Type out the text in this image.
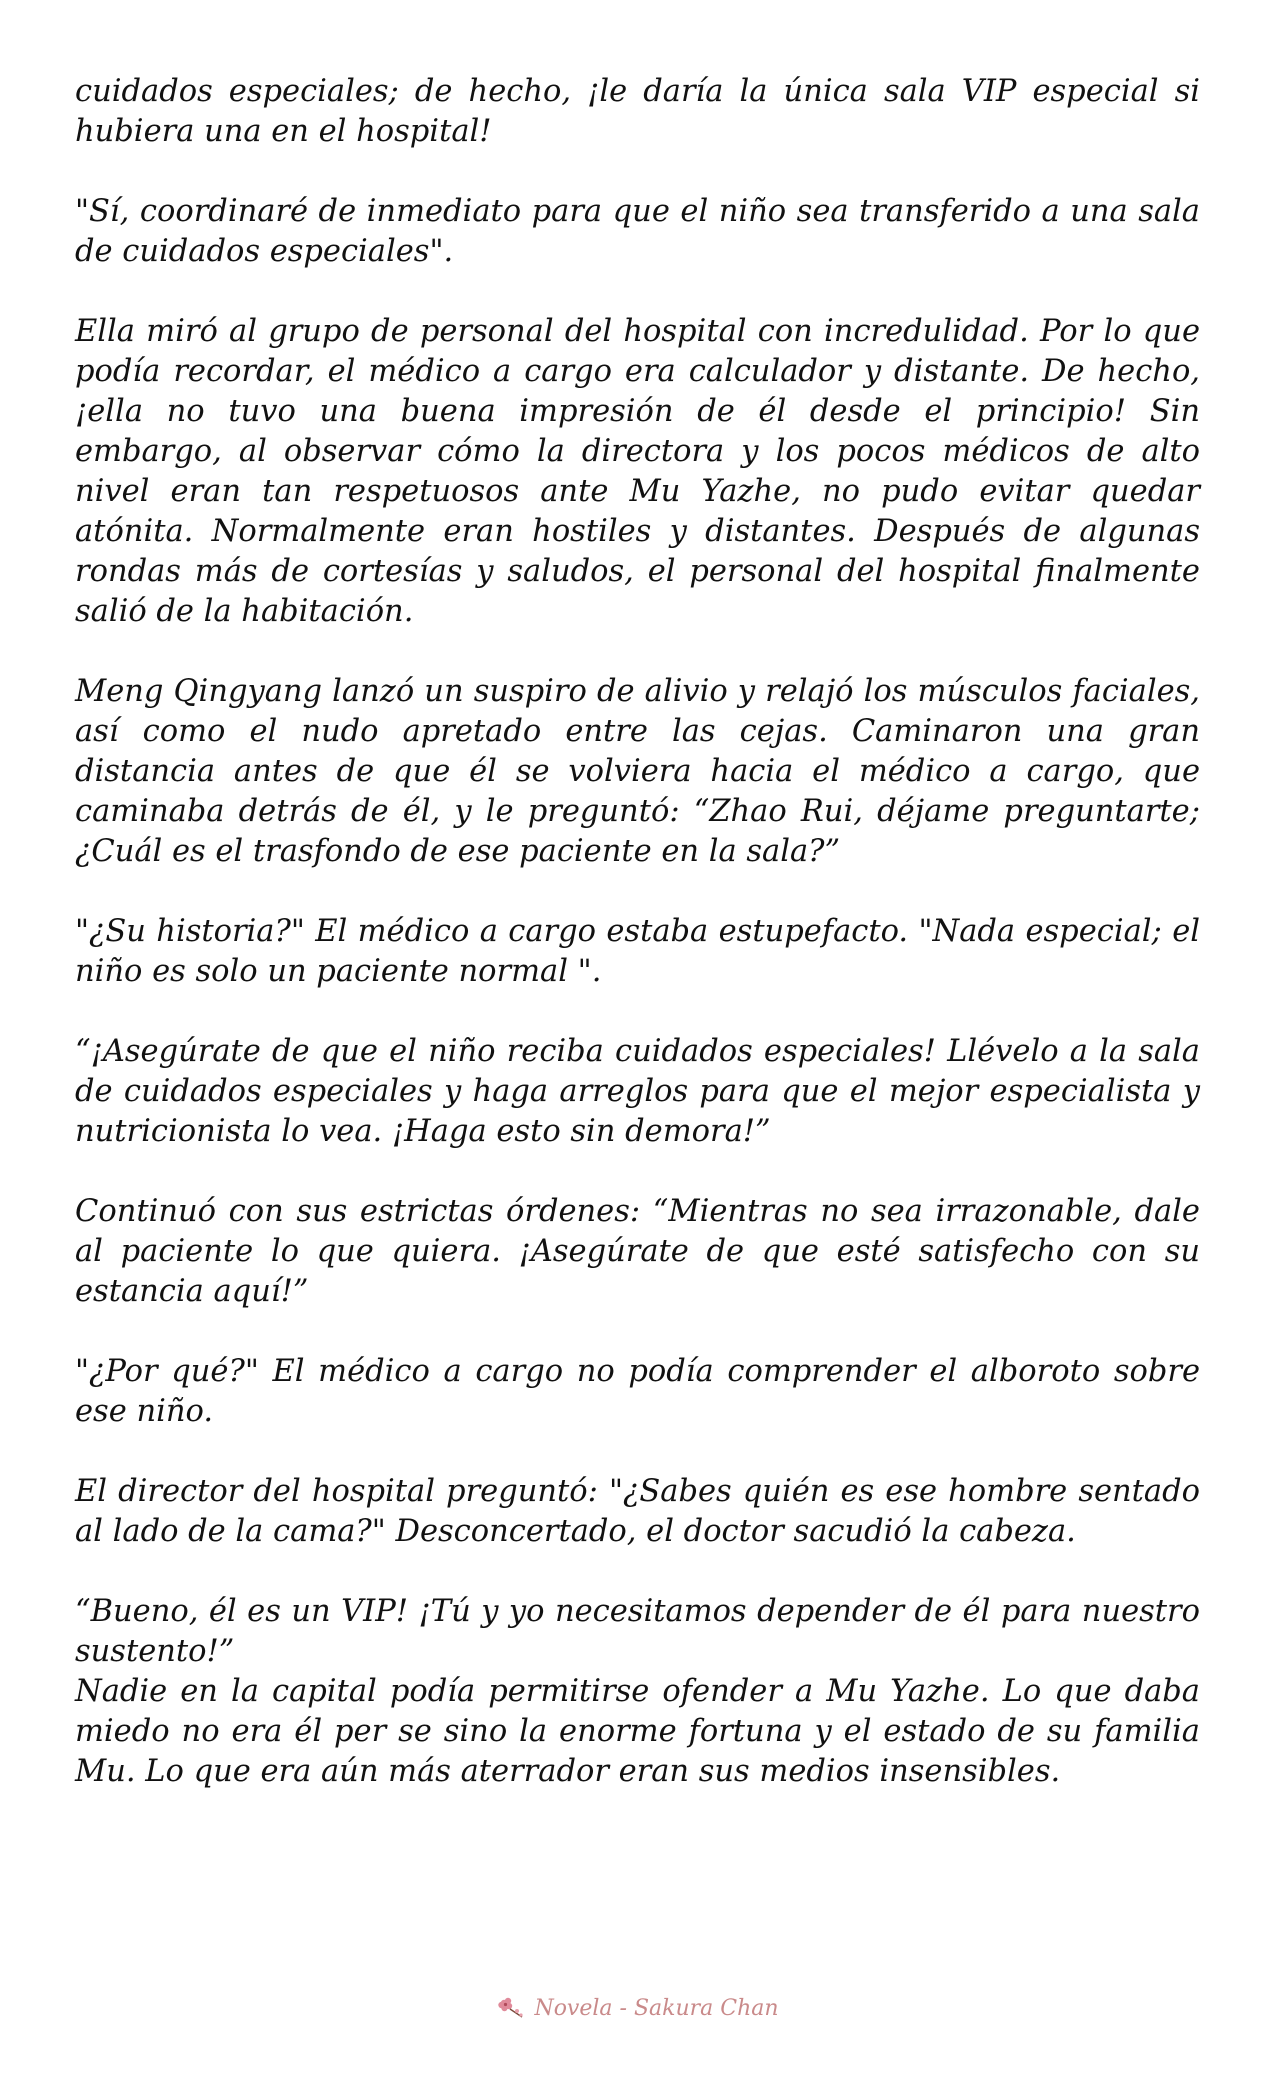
cuidados especiales; de hecho, ¡le daría la única sala VIP especial si hubiera una en el hospital!

"Sí, coordinaré de inmediato para que el niño sea transferido a una sala de cuidados especiales".

Ella miró al grupo de personal del hospital con incredulidad. Por lo que podía recordar, el médico a cargo era calculador y distante. De hecho, ¡ella no tuvo una buena impresión de él desde el principio! Sin embargo, al observar cómo la directora y los pocos médicos de alto nivel eran tan respetuosos ante Mu Yazhe, no pudo evitar quedar atónita. Normalmente eran hostiles y distantes. Después de algunas rondas más de cortesías y saludos, el personal del hospital finalmente salió de la habitación.

Meng Qingyang lanzó un suspiro de alivio y relajó los músculos faciales, así como el nudo apretado entre las cejas. Caminaron una gran distancia antes de que él se volviera hacia el médico a cargo, que caminaba detrás de él, y le preguntó: “Zhao Rui, déjame preguntarte; ¿Cuál es el trasfondo de ese paciente en la sala?”

"¿Su historia?" El médico a cargo estaba estupefacto. "Nada especial; el niño es solo un paciente normal ".

“¡Asegúrate de que el niño reciba cuidados especiales! Llévelo a la sala de cuidados especiales y haga arreglos para que el mejor especialista y nutricionista lo vea. ¡Haga esto sin demora!”

Continuó con sus estrictas órdenes: “Mientras no sea irrazonable, dale al paciente lo que quiera. ¡Asegúrate de que esté satisfecho con su estancia aquí!”

"¿Por qué?" El médico a cargo no podía comprender el alboroto sobre ese niño.

El director del hospital preguntó: "¿Sabes quién es ese hombre sentado al lado de la cama?" Desconcertado, el doctor sacudió la cabeza.

“Bueno, él es un VIP! ¡Tú y yo necesitamos depender de él para nuestro sustento!”

Nadie en la capital podía permitirse ofender a Mu Yazhe. Lo que daba miedo no era él per se sino la enorme fortuna y el estado de su familia Mu. Lo que era aún más aterrador eran sus medios insensibles.

Novela - Sakura Chan
